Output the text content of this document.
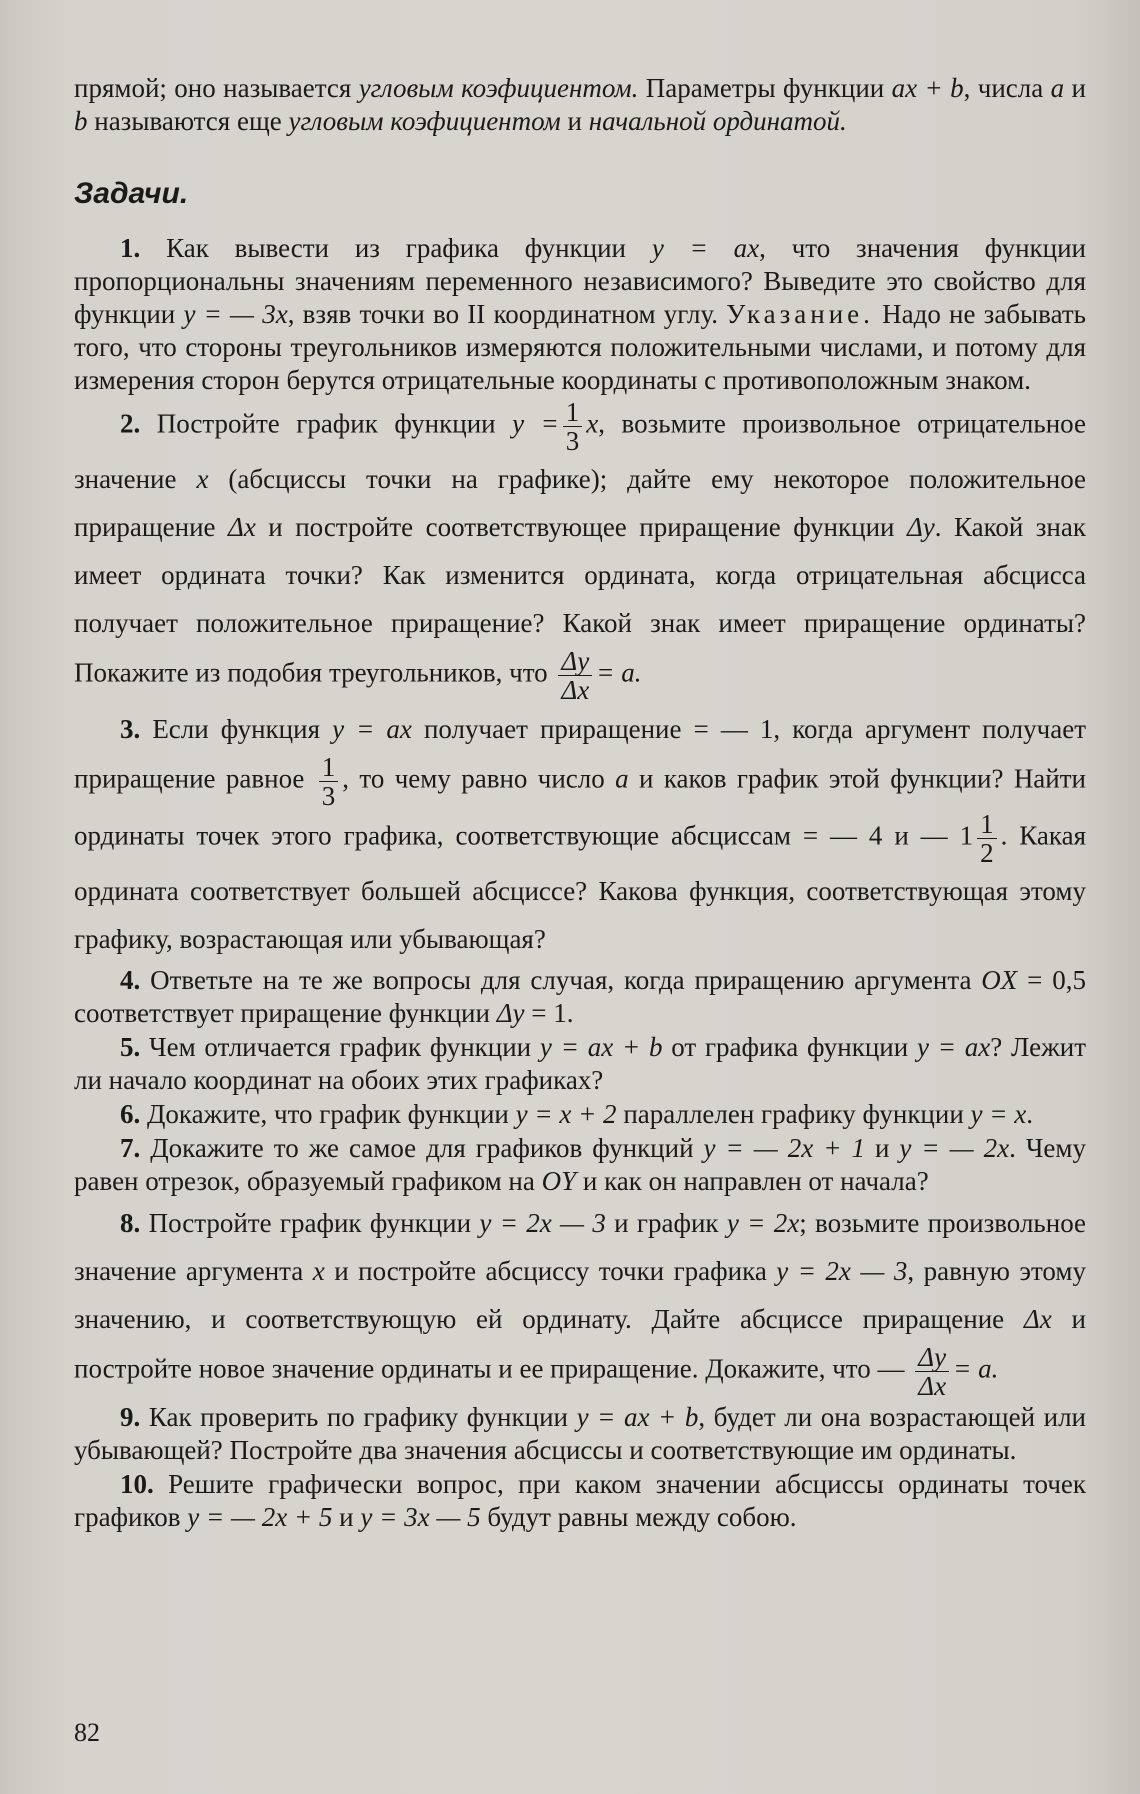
прямой; оно называется угловым коэфициентом. Параметры функции ax + b, числа a и b называются еще угловым коэфициентом и начальной ординатой.

Задачи.

1. Как вывести из графика функции y = ax, что значения функции пропорциональны значениям переменного независимого? Выведите это свойство для функции y = — 3x, взяв точки во II координатном углу. Указание. Надо не забывать того, что стороны треугольников измеряются положительными числами, и потому для измерения сторон берутся отрицательные координаты с противоположным знаком.

2. Постройте график функции $y = \frac{1}{3} x$, возьмите произвольное отрицательное значение x (абсциссы точки на графике); дайте ему некоторое положительное приращение Δx и постройте соответствующее приращение функции Δy. Какой знак имеет ордината точки? Как изменится ордината, когда отрицательная абсцисса получает положительное приращение? Какой знак имеет приращение ординаты? Покажите из подобия треугольников, что $\frac{\Delta y}{\Delta x} = a$.

3. Если функция y = ax получает приращение = — 1, когда аргумент получает приращение равное $\frac{1}{3}$ , то чему равно число a и каков график этой функции? Найти ординаты точек этого графика, соответствующие абсциссам = — 4 и — $1 \frac{1}{2}$ . Какая ордината соответствует большей абсциссе? Какова функция, соответствующая этому графику, возрастающая или убывающая?

4. Ответьте на те же вопросы для случая, когда приращению аргумента OX = 0,5 соответствует приращение функции Δy = 1.

5. Чем отличается график функции y = ax + b от графика функции y = ax? Лежит ли начало координат на обоих этих графиках?

6. Докажите, что график функции y = x + 2 параллелен графику функции y = x.

7. Докажите то же самое для графиков функций y = — 2x + 1 и y = — 2x. Чему равен отрезок, образуемый графиком на OY и как он направлен от начала?

8. Постройте график функции y = 2x — 3 и график y = 2x; возьмите произвольное значение аргумента x и постройте абсциссу точки графика y = 2x — 3, равную этому значению, и соответствующую ей ординату. Дайте абсциссе приращение Δx и постройте новое значение ординаты и ее приращение. Докажите, что — $\frac{\Delta y}{\Delta x} = a$.

9. Как проверить по графику функции y = ax + b, будет ли она возрастающей или убывающей? Постройте два значения абсциссы и соответствующие им ординаты.

10. Решите графически вопрос, при каком значении абсциссы ординаты точек графиков y = — 2x + 5 и y = 3x — 5 будут равны между собою.

82
